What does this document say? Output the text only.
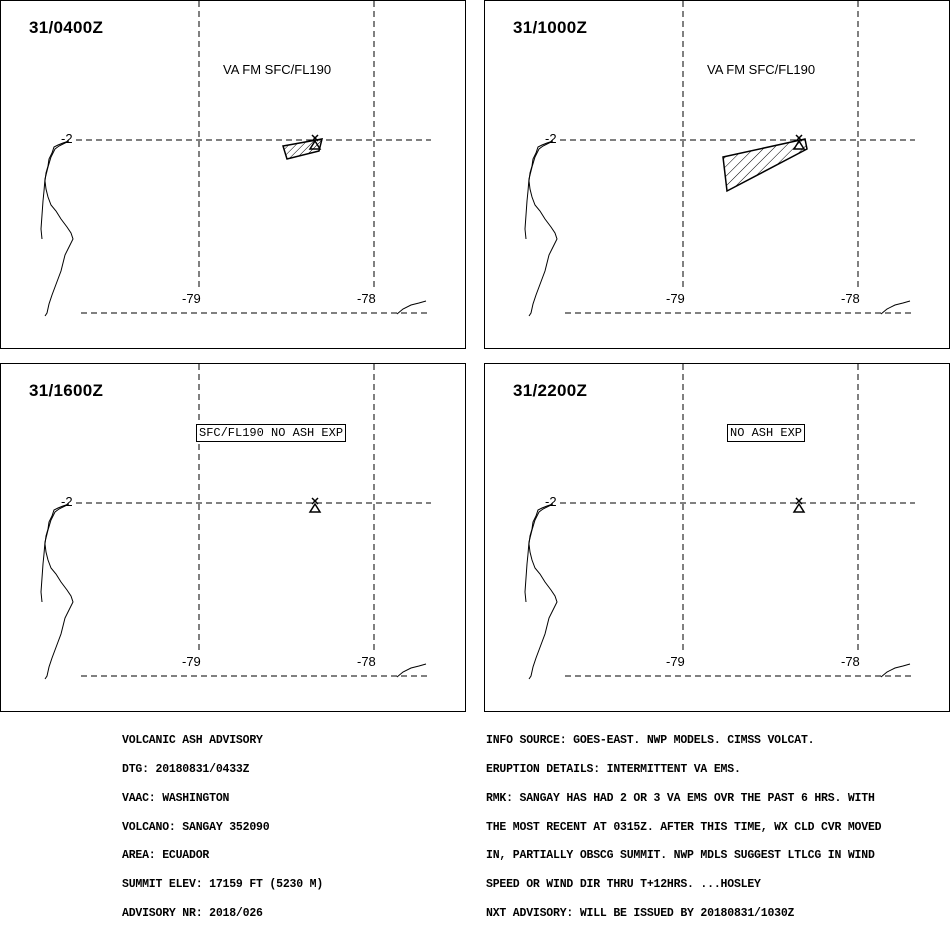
31/0400Z
VA FM SFC/FL190
-2
-79	-78
31/1000Z
VA FM SFC/FL190
-2
-79	-78
31/1600Z
SFC/FL190 NO ASH EXP
-2
-79	-78
31/2200Z
NO ASH EXP
-2
-79	-78

VOLCANIC ASH ADVISORY

DTG: 20180831/0433Z

VAAC: WASHINGTON

VOLCANO: SANGAY 352090

AREA: ECUADOR

SUMMIT ELEV: 17159 FT (5230 M)

ADVISORY NR: 2018/026

INFO SOURCE: GOES-EAST. NWP MODELS. CIMSS VOLCAT.

ERUPTION DETAILS: INTERMITTENT VA EMS.

RMK: SANGAY HAS HAD 2 OR 3 VA EMS OVR THE PAST 6 HRS. WITH

THE MOST RECENT AT 0315Z. AFTER THIS TIME, WX CLD CVR MOVED

IN, PARTIALLY OBSCG SUMMIT. NWP MDLS SUGGEST LTLCG IN WIND

SPEED OR WIND DIR THRU T+12HRS. ...HOSLEY

NXT ADVISORY: WILL BE ISSUED BY 20180831/1030Z
